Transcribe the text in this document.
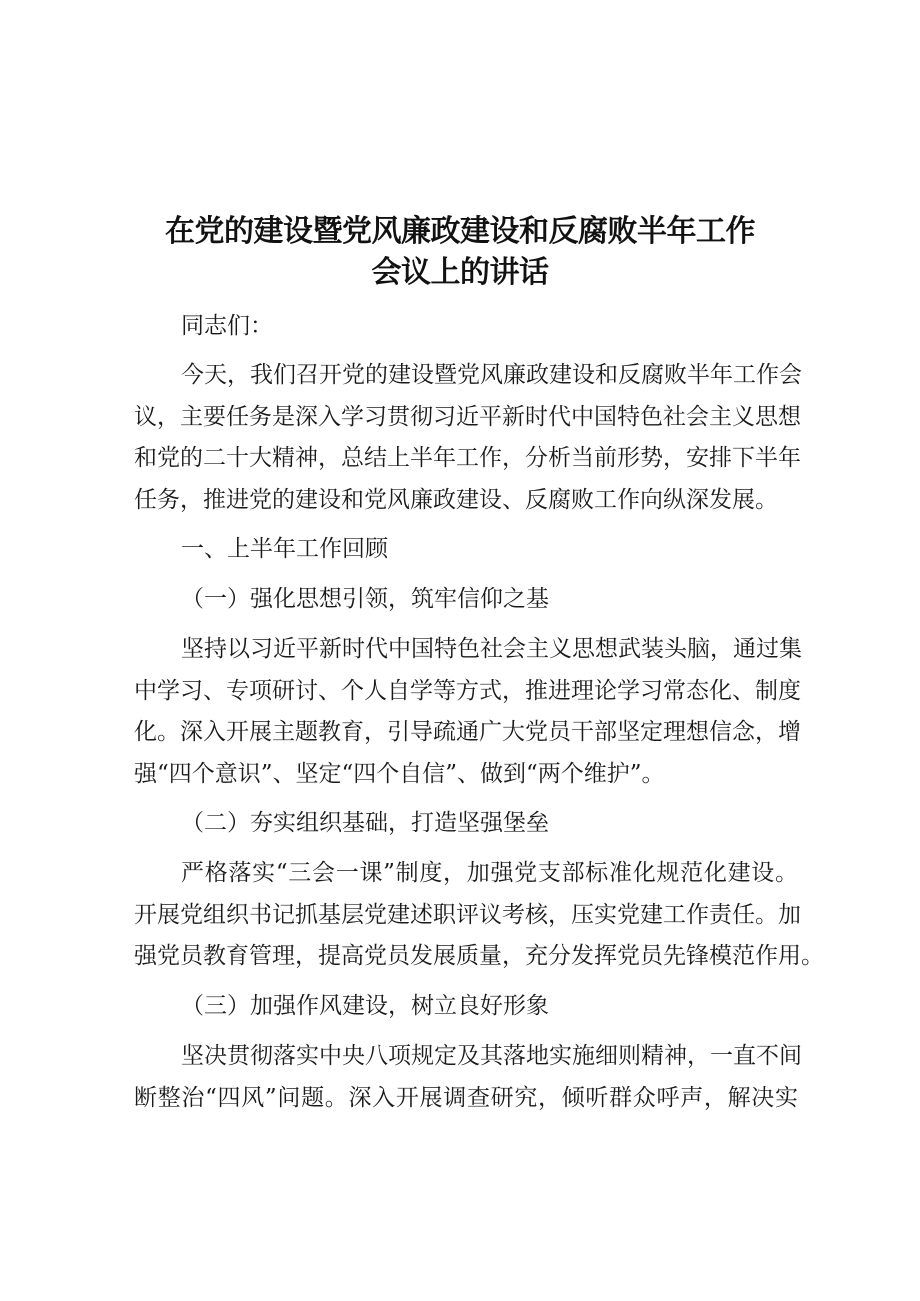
在党的建设暨党风廉政建设和反腐败半年工作
会议上的讲话
同志们：
今天，我们召开党的建设暨党风廉政建设和反腐败半年工作会
议，主要任务是深入学习贯彻习近平新时代中国特色社会主义思想
和党的二十大精神，总结上半年工作，分析当前形势，安排下半年
任务，推进党的建设和党风廉政建设、反腐败工作向纵深发展。
一、上半年工作回顾
（一）强化思想引领，筑牢信仰之基
坚持以习近平新时代中国特色社会主义思想武装头脑，通过集
中学习、专项研讨、个人自学等方式，推进理论学习常态化、制度
化。深入开展主题教育，引导疏通广大党员干部坚定理想信念，增
强“四个意识”、坚定“四个自信”、做到“两个维护”。
（二）夯实组织基础，打造坚强堡垒
严格落实“三会一课”制度，加强党支部标准化规范化建设。
开展党组织书记抓基层党建述职评议考核，压实党建工作责任。加
强党员教育管理，提高党员发展质量，充分发挥党员先锋模范作用。
（三）加强作风建设，树立良好形象
坚决贯彻落实中央八项规定及其落地实施细则精神，一直不间
断整治“四风”问题。深入开展调查研究，倾听群众呼声，解决实
